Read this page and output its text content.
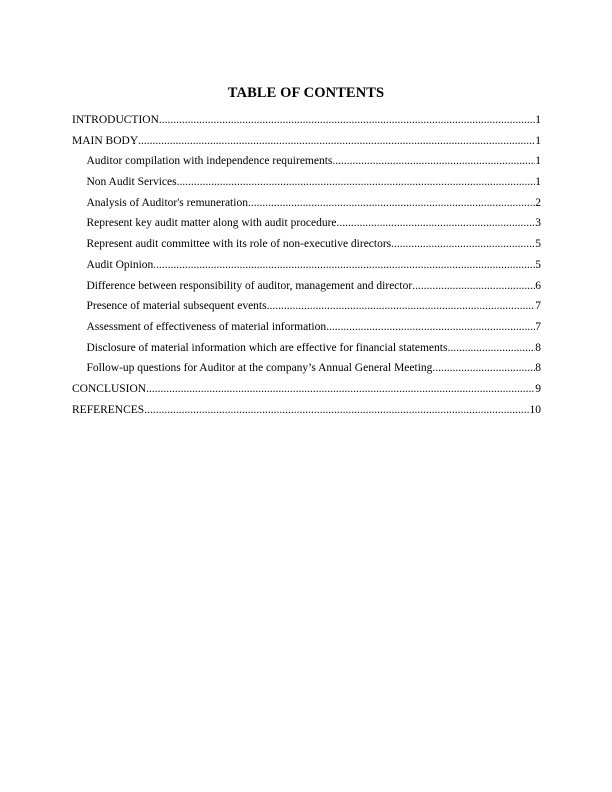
TABLE OF CONTENTS
INTRODUCTION .....	1
MAIN BODY .....	1
Auditor compilation with independence requirements .....	1
Non Audit Services .....	1
Analysis of Auditor's remuneration .....	2
Represent key audit matter along with audit procedure .....	3
Represent audit committee with its role of non-executive directors .....	5
Audit Opinion .....	5
Difference between responsibility of auditor, management and director .....	6
Presence of material subsequent events .....	7
Assessment of effectiveness of material information .....	7
Disclosure of material information which are effective for financial statements .....	8
Follow-up questions for Auditor at the company’s Annual General Meeting .....	8
CONCLUSION .....	9
REFERENCES .....	10
